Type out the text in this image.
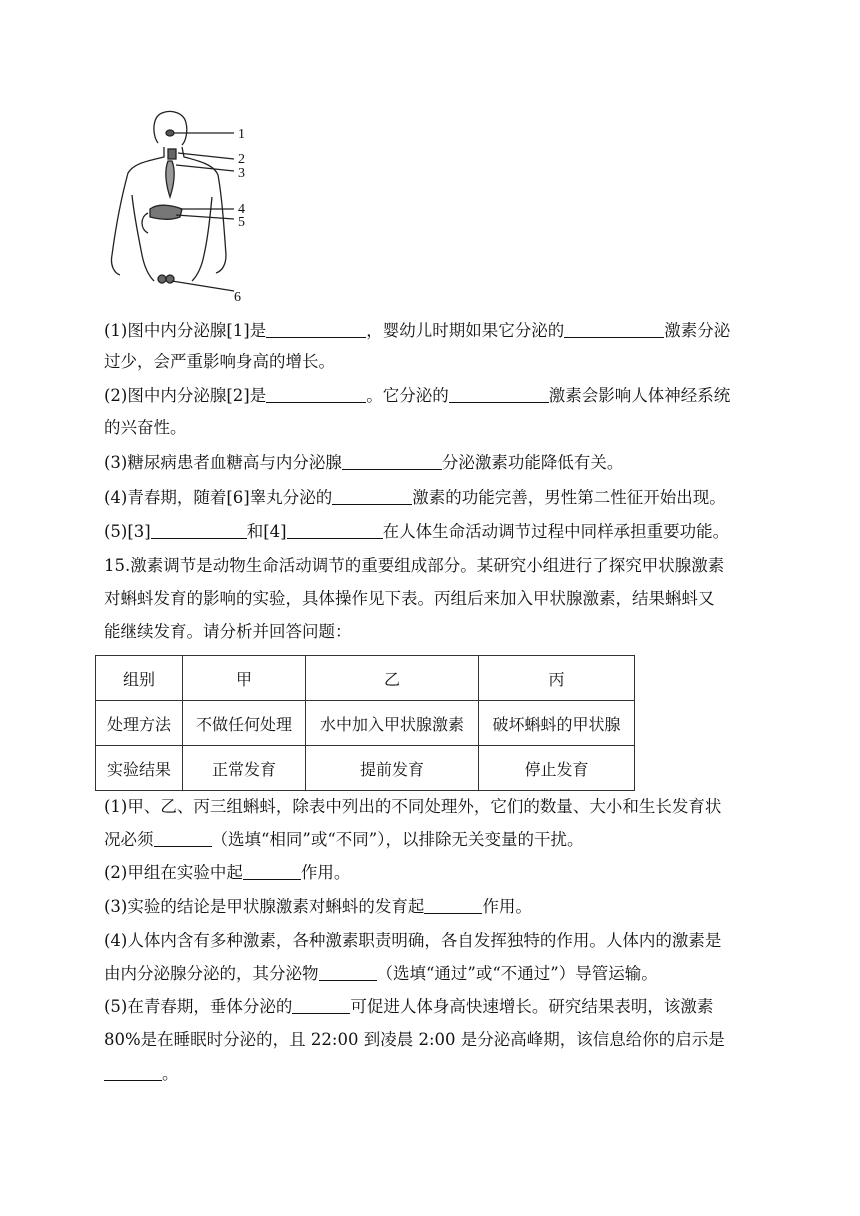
1
2
3
4
5
6
(1)图中内分泌腺[1]是	，婴幼儿时期如果它分泌的	激素分泌
过少，会严重影响身高的增长。
(2)图中内分泌腺[2]是	。它分泌的	激素会影响人体神经系统
的兴奋性。
(3)糖尿病患者血糖高与内分泌腺	分泌激素功能降低有关。
(4)青春期，随着[6]睾丸分泌的	激素的功能完善，男性第二性征开始出现。
(5)[3]	和[4]	在人体生命活动调节过程中同样承担重要功能。
15.激素调节是动物生命活动调节的重要组成部分。某研究小组进行了探究甲状腺激素
对蝌蚪发育的影响的实验，具体操作见下表。丙组后来加入甲状腺激素，结果蝌蚪又
能继续发育。请分析并回答问题：
组别	甲	乙	丙
处理方法	不做任何处理	水中加入甲状腺激素	破坏蝌蚪的甲状腺
实验结果	正常发育	提前发育	停止发育
(1)甲、乙、丙三组蝌蚪，除表中列出的不同处理外，它们的数量、大小和生长发育状
况必须	（选填“相同”或“不同”），以排除无关变量的干扰。
(2)甲组在实验中起	作用。
(3)实验的结论是甲状腺激素对蝌蚪的发育起	作用。
(4)人体内含有多种激素，各种激素职责明确，各自发挥独特的作用。人体内的激素是
由内分泌腺分泌的，其分泌物	（选填“通过”或“不通过”）导管运输。
(5)在青春期，垂体分泌的	可促进人体身高快速增长。研究结果表明，该激素
80%是在睡眠时分泌的，且 22:00 到凌晨 2:00 是分泌高峰期，该信息给你的启示是
。
